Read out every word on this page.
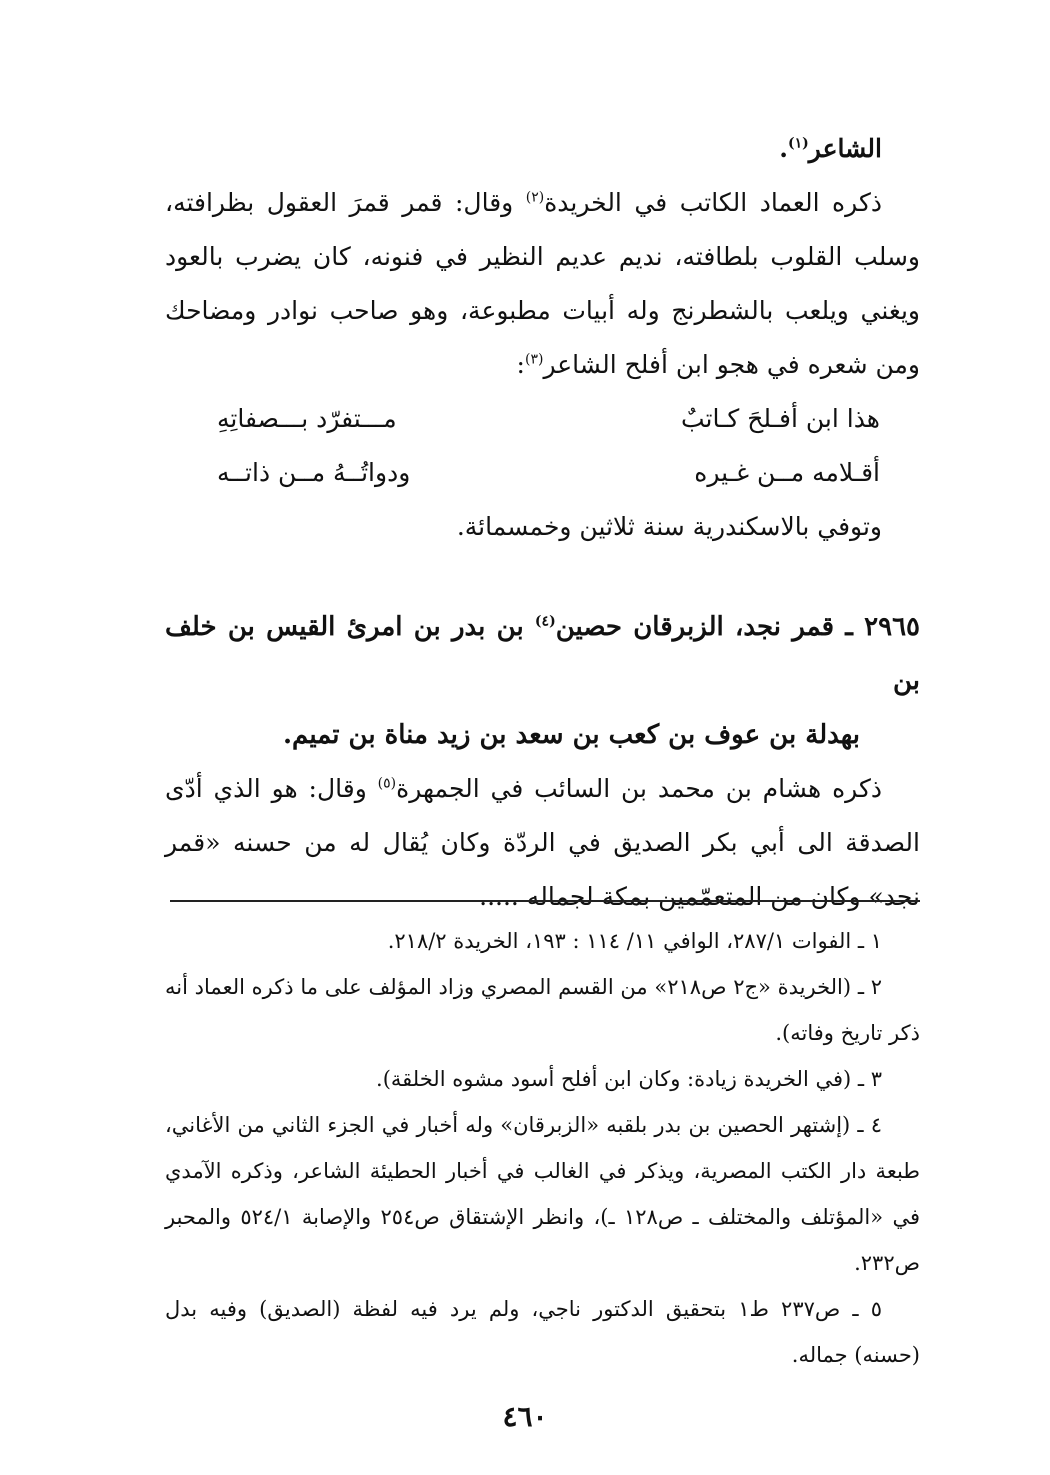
الشاعر$^{(١)}$.

ذكره العماد الكاتب في الخريدة$^{(٢)}$ وقال: قمر قمرَ العقول بظرافته، وسلب القلوب بلطافته، نديم عديم النظير في فنونه، كان يضرب بالعود ويغني ويلعب بالشطرنج وله أبيات مطبوعة، وهو صاحب نوادر ومضاحك ومن شعره في هجو ابن أفلح الشاعر$^{(٣)}$:

هذا ابن أفـلحَ كـاتبٌ
مـــتفرّد بـــصفاتِهِ
أقـلامه مــن غـيره
ودواتُــهُ مــن ذاتــه

وتوفي بالاسكندرية سنة ثلاثين وخمسمائة.

٢٩٦٥ ـ قمر نجد، الزبرقان حصين$^{(٤)}$ بن بدر بن امرئ القيس بن خلف بن

بهدلة بن عوف بن كعب بن سعد بن زيد مناة بن تميم.

ذكره هشام بن محمد بن السائب في الجمهرة$^{(٥)}$ وقال: هو الذي أدّى الصدقة الى أبي بكر الصديق في الردّة وكان يُقال له من حسنه «قمر نجد» وكان من المتعمّمين بمكة لجماله .....

١ ـ الفوات ٢٨٧/١، الوافي ١١/ ١١٤ : ١٩٣، الخريدة ٢١٨/٢.

٢ ـ (الخريدة «ج٢ ص٢١٨» من القسم المصري وزاد المؤلف على ما ذكره العماد أنه ذكر تاريخ وفاته).

٣ ـ (في الخريدة زيادة: وكان ابن أفلح أسود مشوه الخلقة).

٤ ـ (إشتهر الحصين بن بدر بلقبه «الزبرقان» وله أخبار في الجزء الثاني من الأغاني، طبعة دار الكتب المصرية، ويذكر في الغالب في أخبار الحطيئة الشاعر، وذكره الآمدي في «المؤتلف والمختلف ـ ص١٢٨ ـ)، وانظر الإشتقاق ص٢٥٤ والإصابة ٥٢٤/١ والمحبر ص٢٣٢.

٥ ـ ص٢٣٧ ط١ بتحقيق الدكتور ناجي، ولم يرد فيه لفظة (الصديق) وفيه بدل (حسنه) جماله.

٤٦٠
